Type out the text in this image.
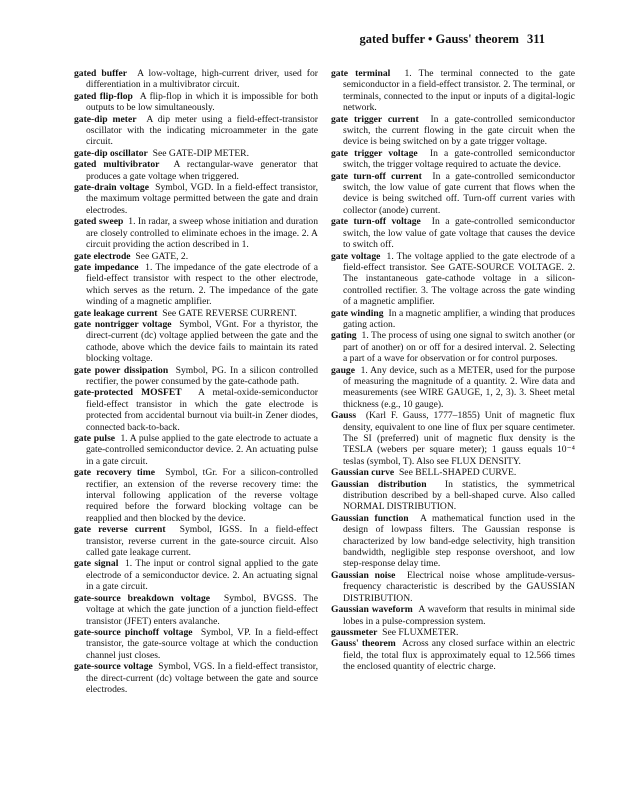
gated buffer • Gauss' theorem 311

gated buffer A low-voltage, high-current driver, used for differentiation in a multivibrator circuit.

gated flip-flop A flip-flop in which it is impossible for both outputs to be low simultaneously.

gate-dip meter A dip meter using a field-effect-transistor oscillator with the indicating microammeter in the gate circuit.

gate-dip oscillator See GATE-DIP METER.

gated multivibrator A rectangular-wave generator that produces a gate voltage when triggered.

gate-drain voltage Symbol, VGD. In a field-effect transistor, the maximum voltage permitted between the gate and drain electrodes.

gated sweep 1. In radar, a sweep whose initiation and duration are closely controlled to eliminate echoes in the image. 2. A circuit providing the action described in 1.

gate electrode See GATE, 2.

gate impedance 1. The impedance of the gate electrode of a field-effect transistor with respect to the other electrode, which serves as the return. 2. The impedance of the gate winding of a magnetic amplifier.

gate leakage current See GATE REVERSE CURRENT.

gate nontrigger voltage Symbol, VGnt. For a thyristor, the direct-current (dc) voltage applied between the gate and the cathode, above which the device fails to maintain its rated blocking voltage.

gate power dissipation Symbol, PG. In a silicon controlled rectifier, the power consumed by the gate-cathode path.

gate-protected MOSFET A metal-oxide-semiconductor field-effect transistor in which the gate electrode is protected from accidental burnout via built-in Zener diodes, connected back-to-back.

gate pulse 1. A pulse applied to the gate electrode to actuate a gate-controlled semiconductor device. 2. An actuating pulse in a gate circuit.

gate recovery time Symbol, tGr. For a silicon-controlled rectifier, an extension of the reverse recovery time: the interval following application of the reverse voltage required before the forward blocking voltage can be reapplied and then blocked by the device.

gate reverse current Symbol, IGSS. In a field-effect transistor, reverse current in the gate-source circuit. Also called gate leakage current.

gate signal 1. The input or control signal applied to the gate electrode of a semiconductor device. 2. An actuating signal in a gate circuit.

gate-source breakdown voltage Symbol, BVGSS. The voltage at which the gate junction of a junction field-effect transistor (JFET) enters avalanche.

gate-source pinchoff voltage Symbol, VP. In a field-effect transistor, the gate-source voltage at which the conduction channel just closes.

gate-source voltage Symbol, VGS. In a field-effect transistor, the direct-current (dc) voltage between the gate and source electrodes.

gate terminal 1. The terminal connected to the gate semiconductor in a field-effect transistor. 2. The terminal, or terminals, connected to the input or inputs of a digital-logic network.

gate trigger current In a gate-controlled semiconductor switch, the current flowing in the gate circuit when the device is being switched on by a gate trigger voltage.

gate trigger voltage In a gate-controlled semiconductor switch, the trigger voltage required to actuate the device.

gate turn-off current In a gate-controlled semiconductor switch, the low value of gate current that flows when the device is being switched off. Turn-off current varies with collector (anode) current.

gate turn-off voltage In a gate-controlled semiconductor switch, the low value of gate voltage that causes the device to switch off.

gate voltage 1. The voltage applied to the gate electrode of a field-effect transistor. See GATE-SOURCE VOLTAGE. 2. The instantaneous gate-cathode voltage in a silicon-controlled rectifier. 3. The voltage across the gate winding of a magnetic amplifier.

gate winding In a magnetic amplifier, a winding that produces gating action.

gating 1. The process of using one signal to switch another (or part of another) on or off for a desired interval. 2. Selecting a part of a wave for observation or for control purposes.

gauge 1. Any device, such as a METER, used for the purpose of measuring the magnitude of a quantity. 2. Wire data and measurements (see WIRE GAUGE, 1, 2, 3). 3. Sheet metal thickness (e.g., 10 gauge).

Gauss (Karl F. Gauss, 1777–1855) Unit of magnetic flux density, equivalent to one line of flux per square centimeter. The SI (preferred) unit of magnetic flux density is the TESLA (webers per square meter); 1 gauss equals 10⁻⁴ teslas (symbol, T). Also see FLUX DENSITY.

Gaussian curve See BELL-SHAPED CURVE.

Gaussian distribution In statistics, the symmetrical distribution described by a bell-shaped curve. Also called NORMAL DISTRIBUTION.

Gaussian function A mathematical function used in the design of lowpass filters. The Gaussian response is characterized by low band-edge selectivity, high transition bandwidth, negligible step response overshoot, and low step-response delay time.

Gaussian noise Electrical noise whose amplitude-versus-frequency characteristic is described by the GAUSSIAN DISTRIBUTION.

Gaussian waveform A waveform that results in minimal side lobes in a pulse-compression system.

gaussmeter See FLUXMETER.

Gauss' theorem Across any closed surface within an electric field, the total flux is approximately equal to 12.566 times the enclosed quantity of electric charge.
